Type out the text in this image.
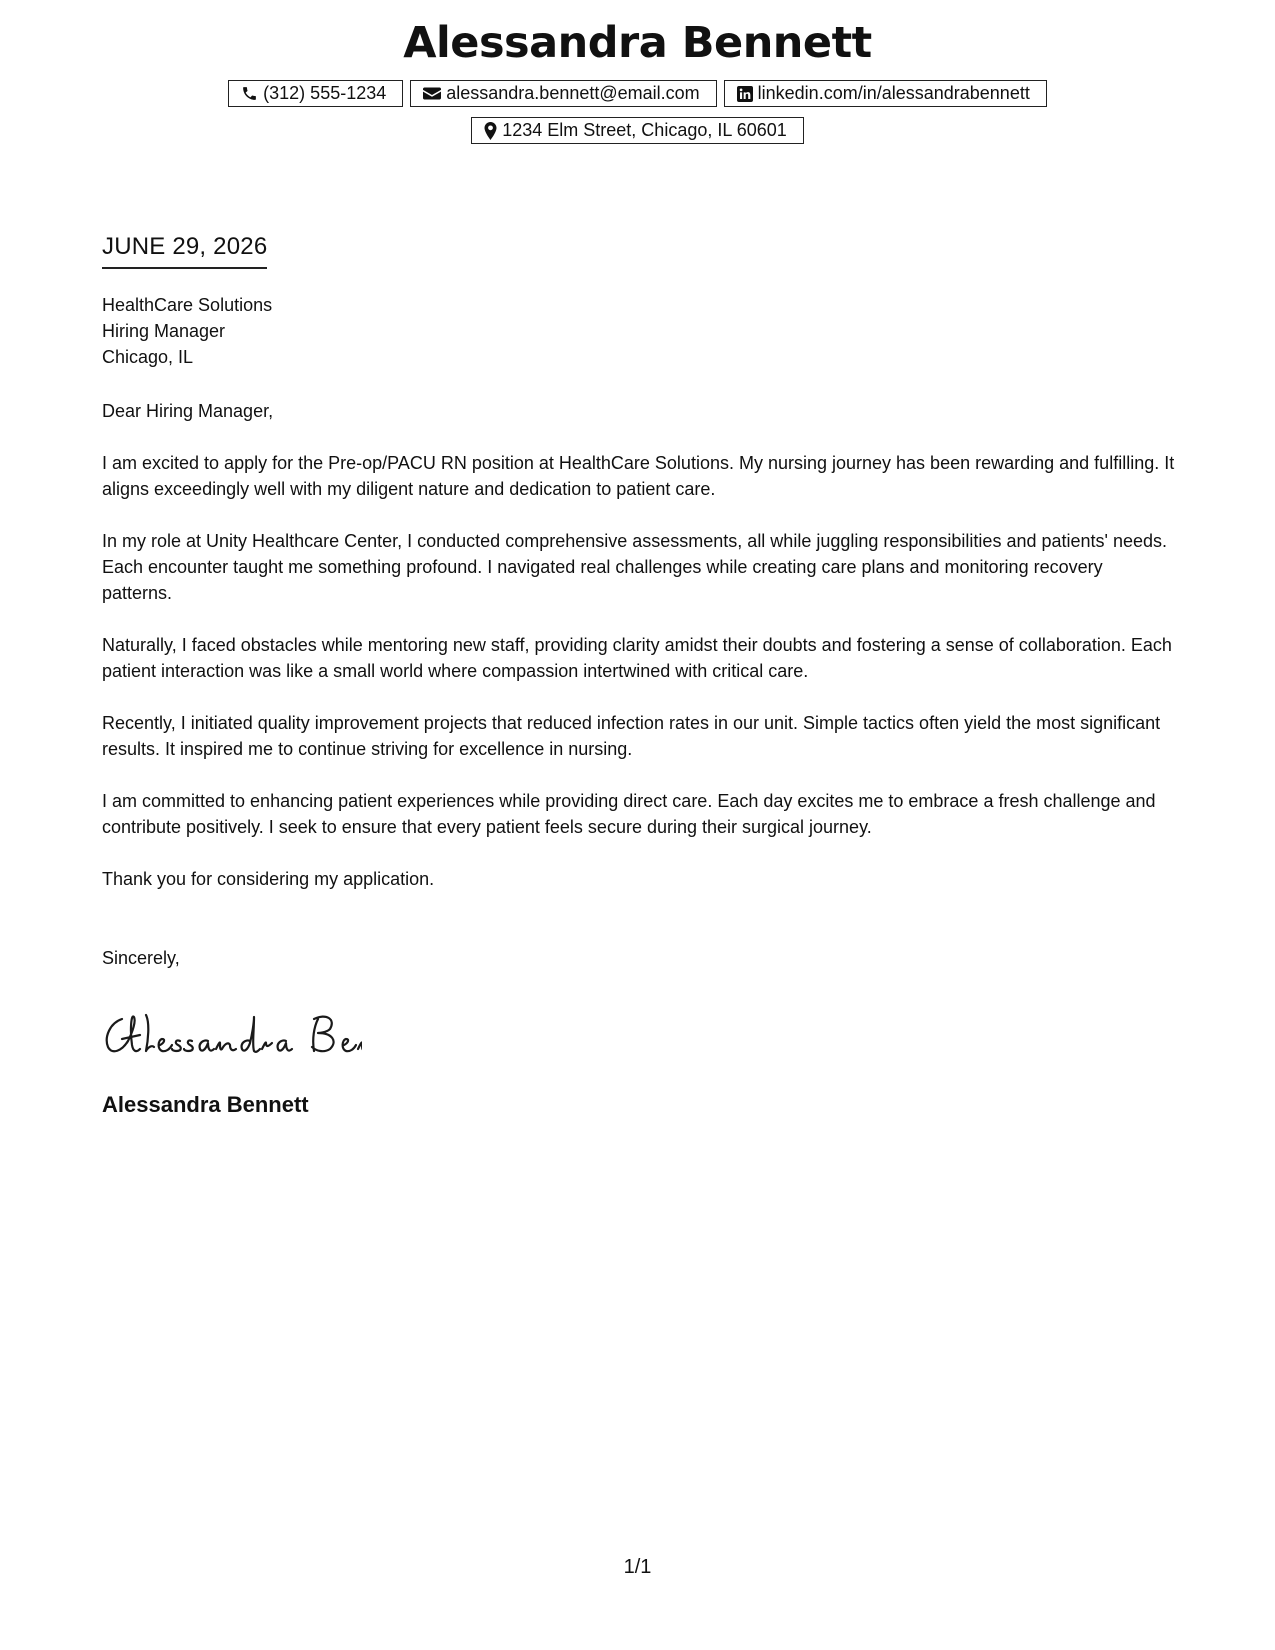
Alessandra Bennett
(312) 555-1234	alessandra.bennett@email.com	linkedin.com/in/alessandrabennett
1234 Elm Street, Chicago, IL 60601
JUNE 29, 2026
HealthCare Solutions
Hiring Manager
Chicago, IL

Dear Hiring Manager,

I am excited to apply for the Pre-op/PACU RN position at HealthCare Solutions. My nursing journey has been rewarding and fulfilling. It aligns exceedingly well with my diligent nature and dedication to patient care.

In my role at Unity Healthcare Center, I conducted comprehensive assessments, all while juggling responsibilities and patients' needs. Each encounter taught me something profound. I navigated real challenges while creating care plans and monitoring recovery patterns.

Naturally, I faced obstacles while mentoring new staff, providing clarity amidst their doubts and fostering a sense of collaboration. Each patient interaction was like a small world where compassion intertwined with critical care.

Recently, I initiated quality improvement projects that reduced infection rates in our unit. Simple tactics often yield the most significant results. It inspired me to continue striving for excellence in nursing.

I am committed to enhancing patient experiences while providing direct care. Each day excites me to embrace a fresh challenge and contribute positively. I seek to ensure that every patient feels secure during their surgical journey.

Thank you for considering my application.

Sincerely,
Alessandra Bennett
1/1
